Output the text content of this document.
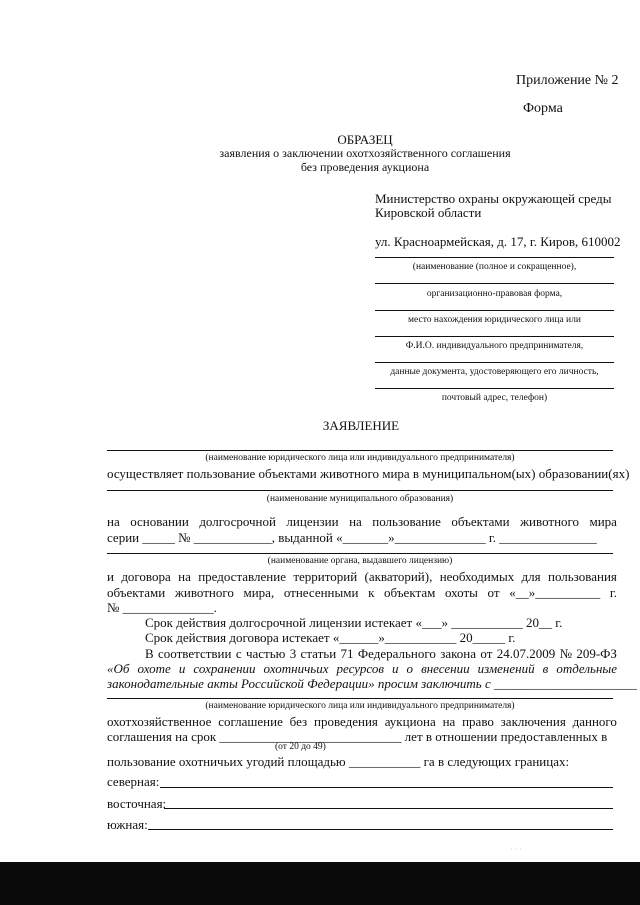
Приложение № 2
Форма
ОБРАЗЕЦ
заявления о заключении охотхозяйственного соглашения
без проведения аукциона
Министерство охраны окружающей среды
Кировской области
ул. Красноармейская, д. 17, г. Киров, 610002
(наименование (полное и сокращенное),
организационно-правовая форма,
место нахождения юридического лица или
Ф.И.О. индивидуального предпринимателя,
данные документа, удостоверяющего его личность,
почтовый адрес, телефон)
ЗАЯВЛЕНИЕ
(наименование юридического лица или индивидуального предпринимателя)
осуществляет пользование объектами животного мира в муниципальном(ых) образовании(ях)
(наименование муниципального образования)
на основании долгосрочной лицензии на пользование объектами животного мира
серии _____ № ____________, выданной «_______»______________ г. _______________
(наименование органа, выдавшего лицензию)
и договора на предоставление территорий (акваторий), необходимых для пользования
объектами животного мира, отнесенными к объектам охоты от «__»__________ г.
№ ______________.
Срок действия долгосрочной лицензии истекает «___» ___________ 20__ г.
Срок действия договора истекает «______»___________ 20_____ г.
В соответствии с частью 3 статьи 71 Федерального закона от 24.07.2009 № 209-ФЗ
«Об охоте и сохранении охотничьих ресурсов и о внесении изменений в отдельные
законодательные акты Российской Федерации» просим заключить с ______________________
(наименование юридического лица или индивидуального предпринимателя)
охотхозяйственное соглашение без проведения аукциона на право заключения данного
соглашения на срок ____________________________ лет в отношении предоставленных в
(от 20 до 49)
пользование охотничьих угодий площадью ___________ га в следующих границах:
северная:
восточная:
южная:
· · ·
